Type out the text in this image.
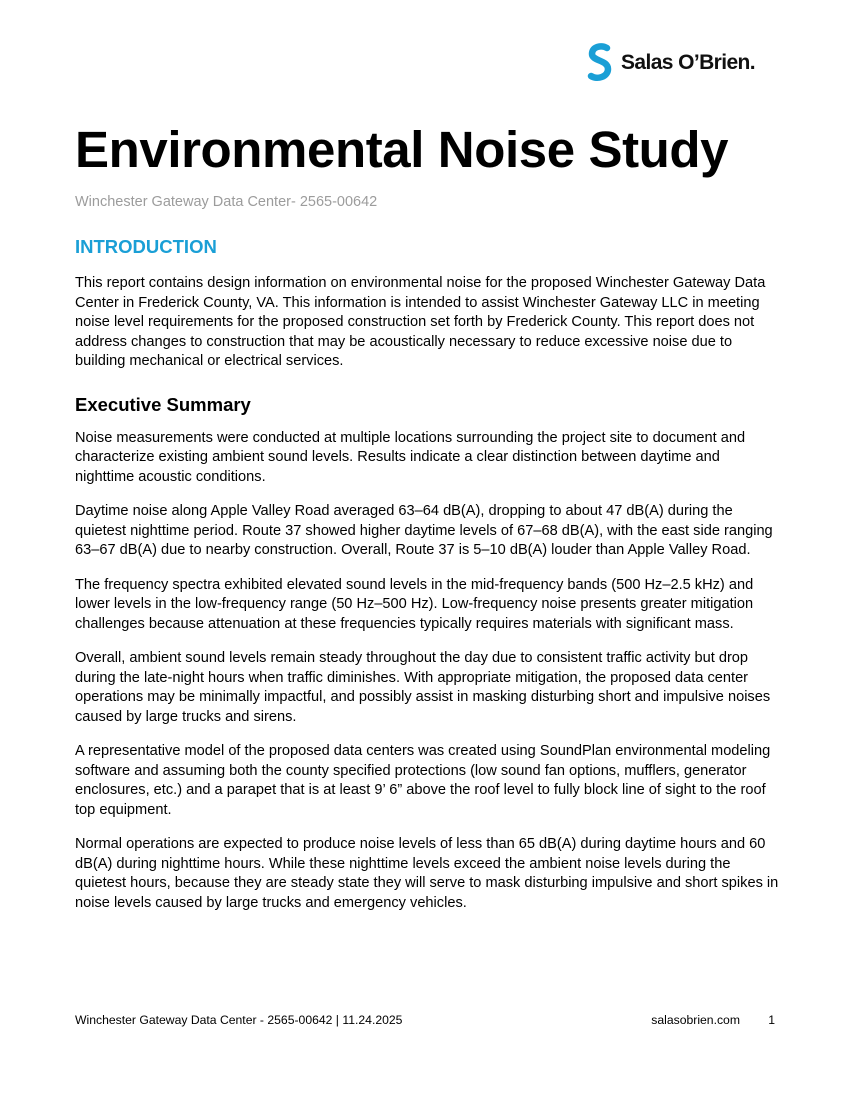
Salas O’Brien.
Environmental Noise Study
Winchester Gateway Data Center- 2565-00642
INTRODUCTION

This report contains design information on environmental noise for the proposed Winchester Gateway Data Center in Frederick County, VA. This information is intended to assist Winchester Gateway LLC in meeting noise level requirements for the proposed construction set forth by Frederick County. This report does not address changes to construction that may be acoustically necessary to reduce excessive noise due to building mechanical or electrical services.

Executive Summary

Noise measurements were conducted at multiple locations surrounding the project site to document and characterize existing ambient sound levels. Results indicate a clear distinction between daytime and nighttime acoustic conditions.

Daytime noise along Apple Valley Road averaged 63–64 dB(A), dropping to about 47 dB(A) during the quietest nighttime period. Route 37 showed higher daytime levels of 67–68 dB(A), with the east side ranging 63–67 dB(A) due to nearby construction. Overall, Route 37 is 5–10 dB(A) louder than Apple Valley Road.

The frequency spectra exhibited elevated sound levels in the mid-frequency bands (500 Hz–2.5 kHz) and lower levels in the low-frequency range (50 Hz–500 Hz). Low-frequency noise presents greater mitigation challenges because attenuation at these frequencies typically requires materials with significant mass.

Overall, ambient sound levels remain steady throughout the day due to consistent traffic activity but drop during the late-night hours when traffic diminishes. With appropriate mitigation, the proposed data center operations may be minimally impactful, and possibly assist in masking disturbing short and impulsive noises caused by large trucks and sirens.

A representative model of the proposed data centers was created using SoundPlan environmental modeling software and assuming both the county specified protections (low sound fan options, mufflers, generator enclosures, etc.) and a parapet that is at least 9’ 6” above the roof level to fully block line of sight to the roof top equipment.

Normal operations are expected to produce noise levels of less than 65 dB(A) during daytime hours and 60 dB(A) during nighttime hours. While these nighttime levels exceed the ambient noise levels during the quietest hours, because they are steady state they will serve to mask disturbing impulsive and short spikes in noise levels caused by large trucks and emergency vehicles.

Winchester Gateway Data Center - 2565-00642 | 11.24.2025	salasobrien.com 1
